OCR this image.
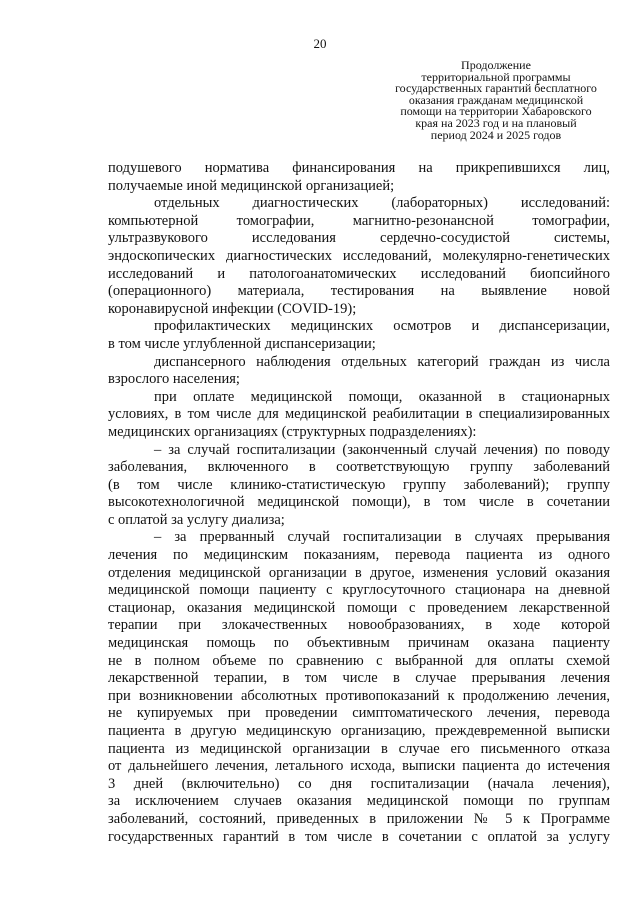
20
Продолжение
территориальной программы
государственных гарантий бесплатного
оказания гражданам медицинской
помощи на территории Хабаровского
края на 2023 год и на плановый
период 2024 и 2025 годов
подушевого норматива финансирования на прикрепившихся лиц,
получаемые иной медицинской организацией;
отдельных диагностических (лабораторных) исследований:
компьютерной томографии, магнитно-резонансной томографии,
ультразвукового исследования сердечно-сосудистой системы,
эндоскопических диагностических исследований, молекулярно-генетических
исследований и патологоанатомических исследований биопсийного
(операционного) материала, тестирования на выявление новой
коронавирусной инфекции (COVID-19);
профилактических медицинских осмотров и диспансеризации,
в том числе углубленной диспансеризации;
диспансерного наблюдения отдельных категорий граждан из числа
взрослого населения;
при оплате медицинской помощи, оказанной в стационарных
условиях, в том числе для медицинской реабилитации в специализированных
медицинских организациях (структурных подразделениях):
– за случай госпитализации (законченный случай лечения) по поводу
заболевания, включенного в соответствующую группу заболеваний
(в том числе клинико-статистическую группу заболеваний); группу
высокотехнологичной медицинской помощи), в том числе в сочетании
с оплатой за услугу диализа;
– за прерванный случай госпитализации в случаях прерывания
лечения по медицинским показаниям, перевода пациента из одного
отделения медицинской организации в другое, изменения условий оказания
медицинской помощи пациенту с круглосуточного стационара на дневной
стационар, оказания медицинской помощи с проведением лекарственной
терапии при злокачественных новообразованиях, в ходе которой
медицинская помощь по объективным причинам оказана пациенту
не в полном объеме по сравнению с выбранной для оплаты схемой
лекарственной терапии, в том числе в случае прерывания лечения
при возникновении абсолютных противопоказаний к продолжению лечения,
не купируемых при проведении симптоматического лечения, перевода
пациента в другую медицинскую организацию, преждевременной выписки
пациента из медицинской организации в случае его письменного отказа
от дальнейшего лечения, летального исхода, выписки пациента до истечения
3 дней (включительно) со дня госпитализации (начала лечения),
за исключением случаев оказания медицинской помощи по группам
заболеваний, состояний, приведенных в приложении № 5 к Программе
государственных гарантий в том числе в сочетании с оплатой за услугу
